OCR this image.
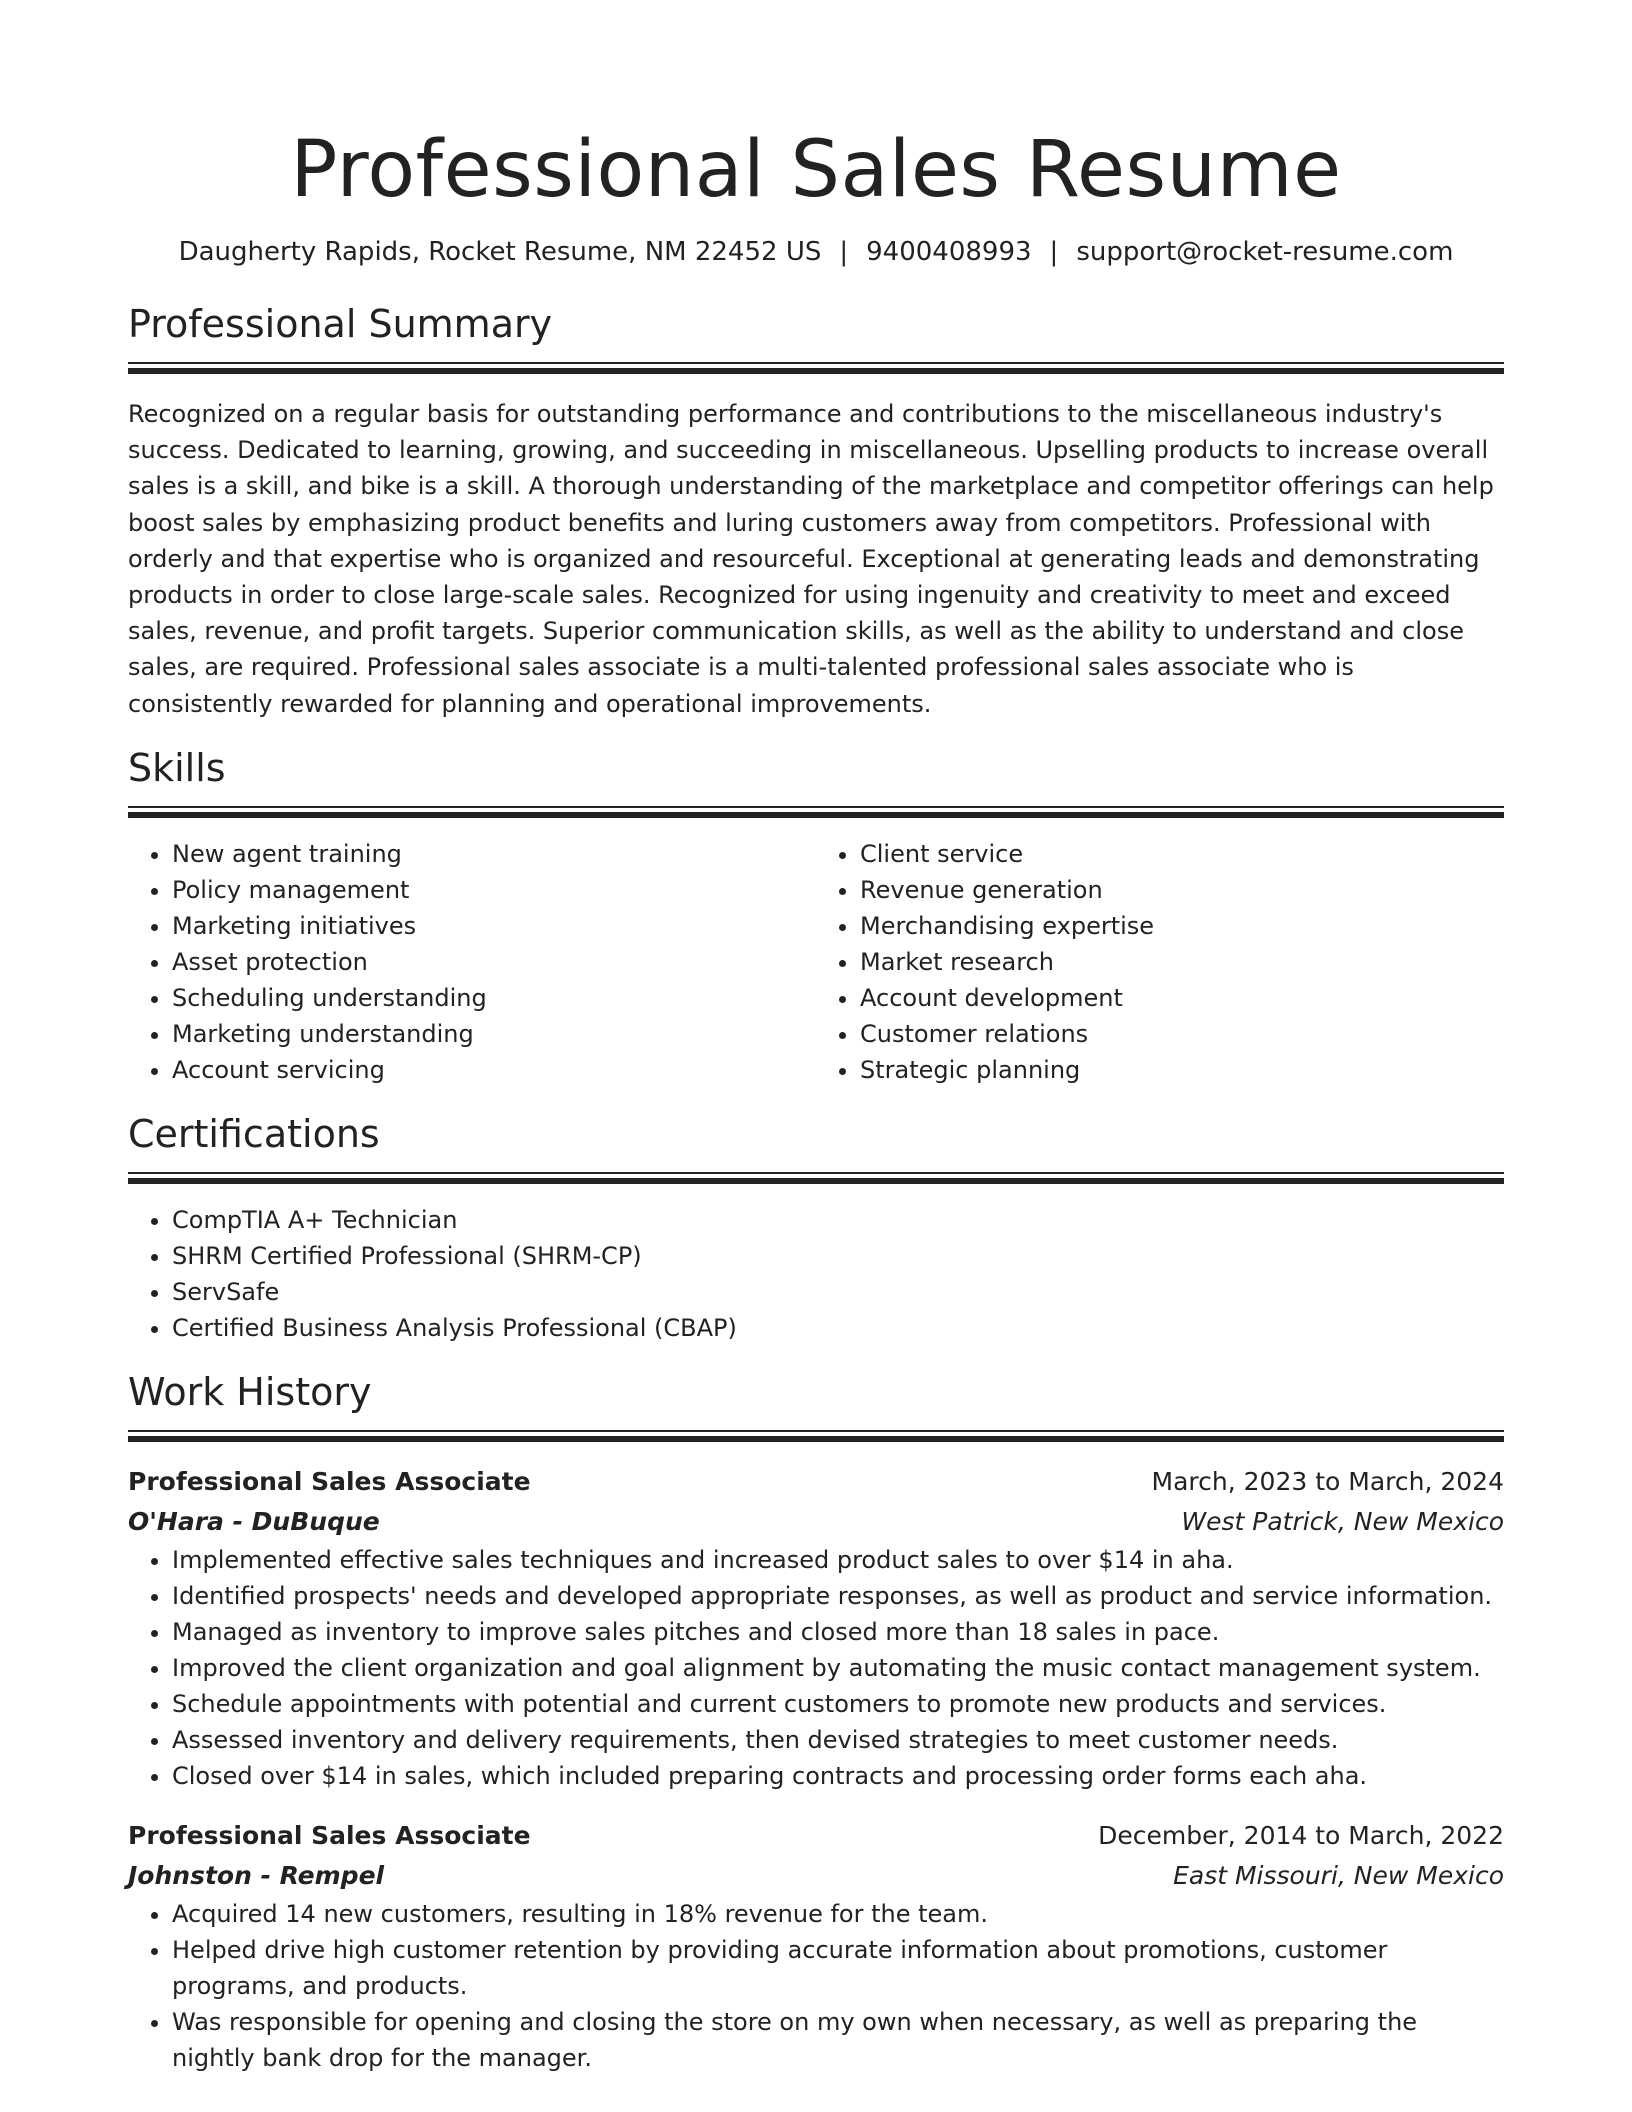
Professional Sales Resume
Daugherty Rapids, Rocket Resume, NM 22452 US | 9400408993 | support@rocket-resume.com
Professional Summary

Recognized on a regular basis for outstanding performance and contributions to the miscellaneous industry's success. Dedicated to learning, growing, and succeeding in miscellaneous. Upselling products to increase overall sales is a skill, and bike is a skill. A thorough understanding of the marketplace and competitor offerings can help boost sales by emphasizing product benefits and luring customers away from competitors. Professional with orderly and that expertise who is organized and resourceful. Exceptional at generating leads and demonstrating products in order to close large-scale sales. Recognized for using ingenuity and creativity to meet and exceed sales, revenue, and profit targets. Superior communication skills, as well as the ability to understand and close sales, are required. Professional sales associate is a multi-talented professional sales associate who is consistently rewarded for planning and operational improvements.

Skills
• New agent training
• Policy management
• Marketing initiatives
• Asset protection
• Scheduling understanding
• Marketing understanding
• Account servicing
• Client service
• Revenue generation
• Merchandising expertise
• Market research
• Account development
• Customer relations
• Strategic planning
Certifications
• CompTIA A+ Technician
• SHRM Certified Professional (SHRM-CP)
• ServSafe
• Certified Business Analysis Professional (CBAP)
Work History
Professional Sales Associate	March, 2023 to March, 2024
O'Hara - DuBuque	West Patrick, New Mexico
• Implemented effective sales techniques and increased product sales to over $14 in aha.
• Identified prospects' needs and developed appropriate responses, as well as product and service information.
• Managed as inventory to improve sales pitches and closed more than 18 sales in pace.
• Improved the client organization and goal alignment by automating the music contact management system.
• Schedule appointments with potential and current customers to promote new products and services.
• Assessed inventory and delivery requirements, then devised strategies to meet customer needs.
• Closed over $14 in sales, which included preparing contracts and processing order forms each aha.
Professional Sales Associate	December, 2014 to March, 2022
Johnston - Rempel	East Missouri, New Mexico
• Acquired 14 new customers, resulting in 18% revenue for the team.
• Helped drive high customer retention by providing accurate information about promotions, customer programs, and products.
• Was responsible for opening and closing the store on my own when necessary, as well as preparing the nightly bank drop for the manager.
